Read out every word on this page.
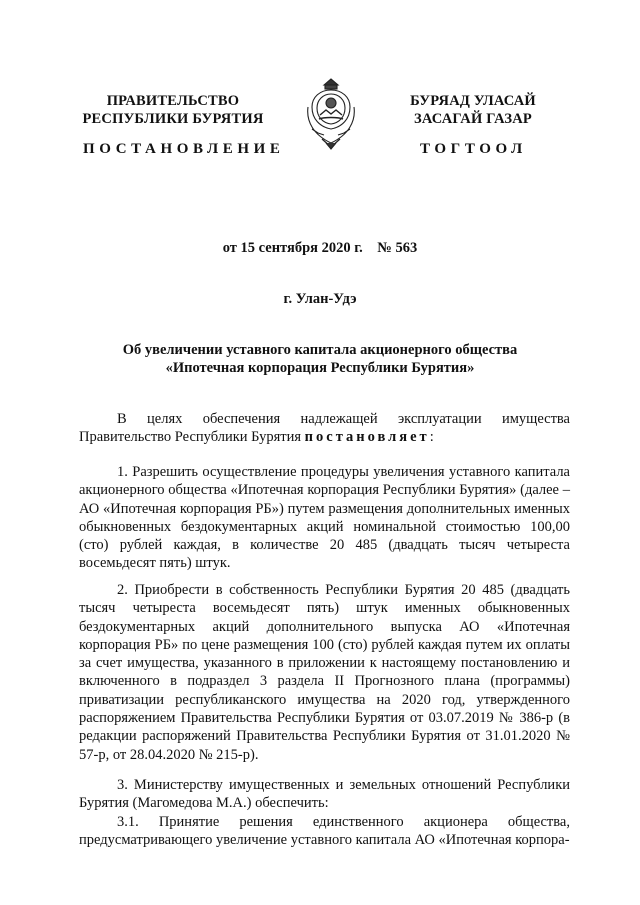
ПРАВИТЕЛЬСТВО
РЕСПУБЛИКИ БУРЯТИЯ
БУРЯАД УЛАСАЙ
ЗАСАГАЙ ГАЗАР
ПОСТАНОВЛЕНИЕ	ТОГТООЛ
от 15 сентября 2020 г.    № 563
г. Улан-Удэ
Об увеличении уставного капитала акционерного общества
«Ипотечная корпорация Республики Бурятия»

В целях обеспечения надлежащей эксплуатации имущества Правительство Республики Бурятия постановляет:

1. Разрешить осуществление процедуры увеличения уставного капитала акционерного общества «Ипотечная корпорация Республики Бурятия» (далее – АО «Ипотечная корпорация РБ») путем размещения дополнительных именных обыкновенных бездокументарных акций номинальной стоимостью 100,00 (сто) рублей каждая, в количестве 20 485 (двадцать тысяч четыреста восемьдесят пять) штук.

2. Приобрести в собственность Республики Бурятия 20 485 (двадцать тысяч четыреста восемьдесят пять) штук именных обыкновенных бездокументарных акций дополнительного выпуска АО «Ипотечная корпорация РБ» по цене размещения 100 (сто) рублей каждая путем их оплаты за счет имущества, указанного в приложении к настоящему постановлению и включенного в подраздел 3 раздела II Прогнозного плана (программы) приватизации республиканского имущества на 2020 год, утвержденного распоряжением Правительства Республики Бурятия от 03.07.2019 № 386-р (в редакции распоряжений Правительства Республики Бурятия от 31.01.2020 № 57-р, от 28.04.2020 № 215-р).

3. Министерству имущественных и земельных отношений Республики Бурятия (Магомедова М.А.) обеспечить:

3.1. Принятие решения единственного акционера общества, предусматривающего увеличение уставного капитала АО «Ипотечная корпора-
